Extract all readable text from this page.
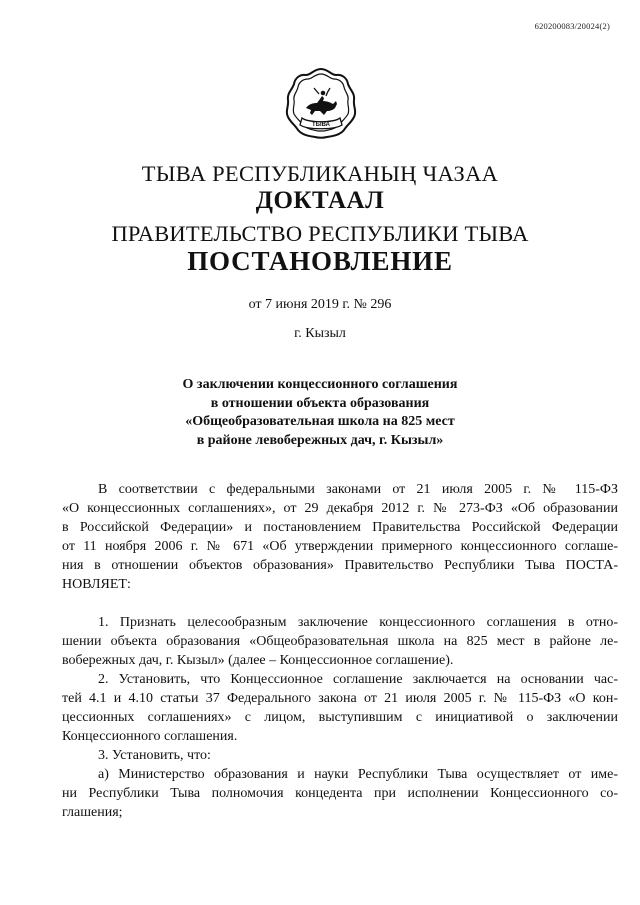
620200083/20024(2)
ТЫВА
ТЫВА РЕСПУБЛИКАНЫҢ ЧАЗАА
ДОКТААЛ
ПРАВИТЕЛЬСТВО РЕСПУБЛИКИ ТЫВА
ПОСТАНОВЛЕНИЕ
от 7 июня 2019 г. № 296
г. Кызыл
О заключении концессионного соглашения
в отношении объекта образования
«Общеобразовательная школа на 825 мест
в районе левобережных дач, г. Кызыл»
В соответствии с федеральными законами от 21 июля 2005 г. № 115-ФЗ
«О концессионных соглашениях», от 29 декабря 2012 г. № 273-ФЗ «Об образовании
в Российской Федерации» и постановлением Правительства Российской Федерации
от 11 ноября 2006 г. № 671 «Об утверждении примерного концессионного соглаше-
ния в отношении объектов образования» Правительство Республики Тыва ПОСТА-
НОВЛЯЕТ:
1. Признать целесообразным заключение концессионного соглашения в отно-
шении объекта образования «Общеобразовательная школа на 825 мест в районе ле-
вобережных дач, г. Кызыл» (далее – Концессионное соглашение).
2. Установить, что Концессионное соглашение заключается на основании час-
тей 4.1 и 4.10 статьи 37 Федерального закона от 21 июля 2005 г. № 115-ФЗ «О кон-
цессионных соглашениях» с лицом, выступившим с инициативой о заключении
Концессионного соглашения.
3. Установить, что:
а) Министерство образования и науки Республики Тыва осуществляет от име-
ни Республики Тыва полномочия концедента при исполнении Концессионного со-
глашения;
